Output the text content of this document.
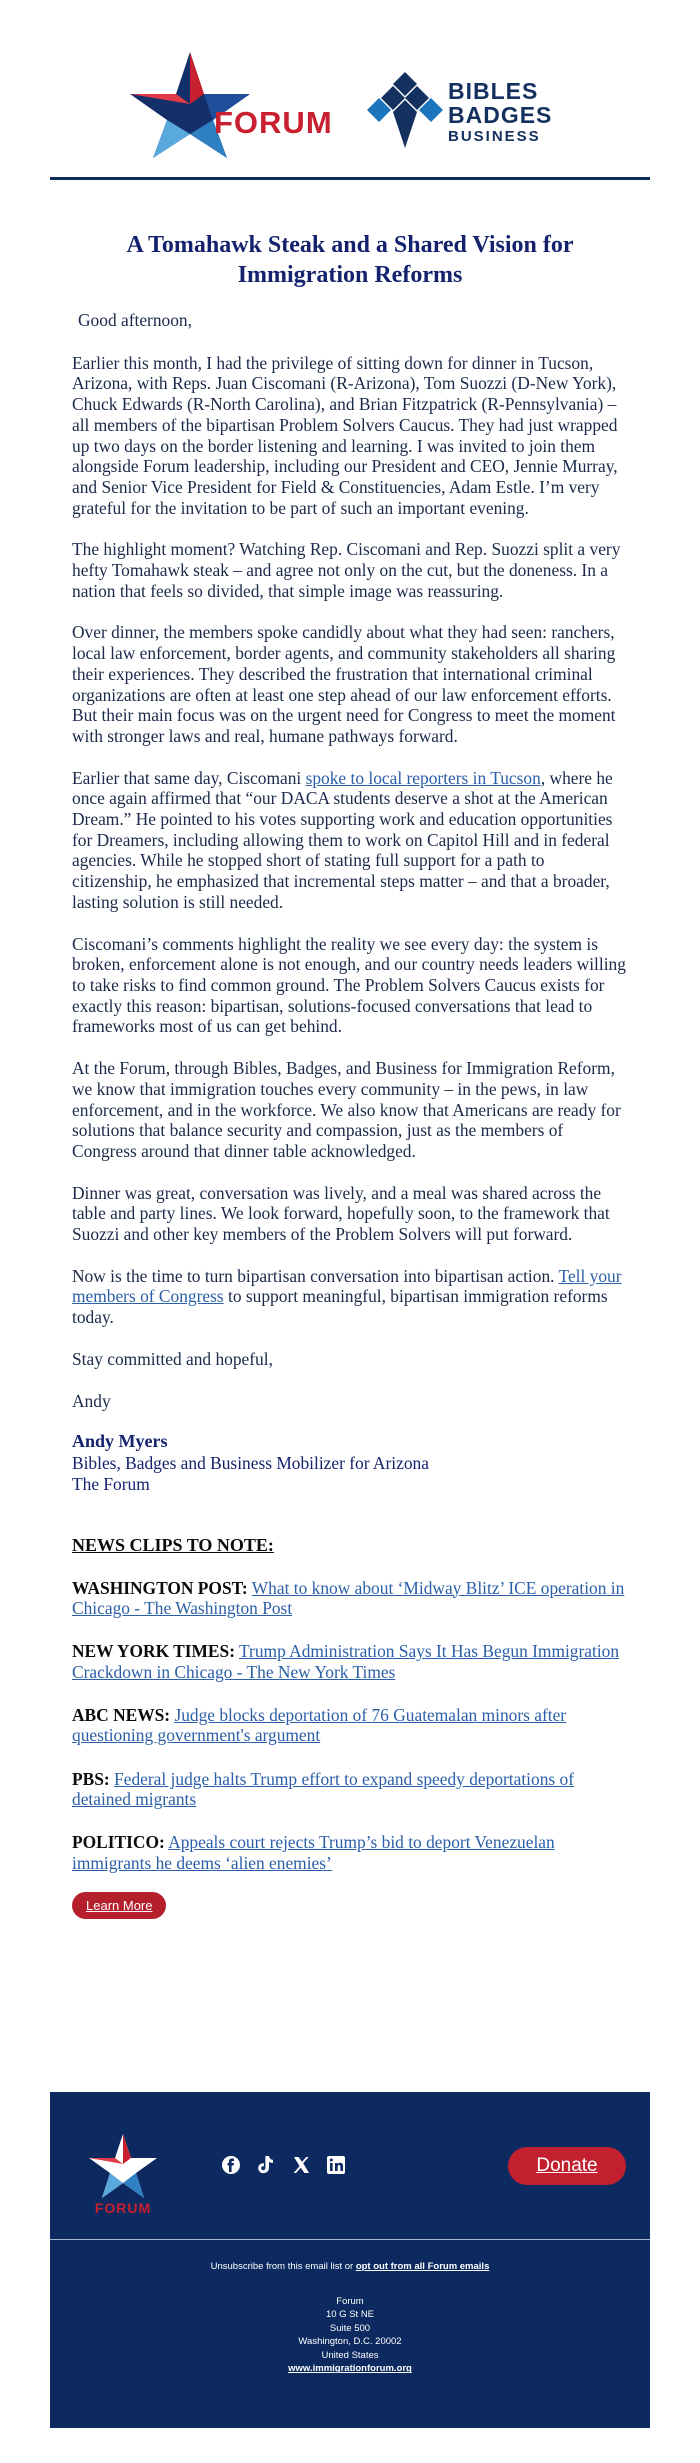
FORUM
BIBLES
BADGES
BUSINESS
A Tomahawk Steak and a Shared Vision for Immigration Reforms

Good afternoon,

Earlier this month, I had the privilege of sitting down for dinner in Tucson, Arizona, with Reps. Juan Ciscomani (R-Arizona), Tom Suozzi (D-New York), Chuck Edwards (R-North Carolina), and Brian Fitzpatrick (R-Pennsylvania) – all members of the bipartisan Problem Solvers Caucus. They had just wrapped up two days on the border listening and learning. I was invited to join them alongside Forum leadership, including our President and CEO, Jennie Murray, and Senior Vice President for Field & Constituencies, Adam Estle. I’m very grateful for the invitation to be part of such an important evening.

The highlight moment? Watching Rep. Ciscomani and Rep. Suozzi split a very hefty Tomahawk steak – and agree not only on the cut, but the doneness. In a nation that feels so divided, that simple image was reassuring.

Over dinner, the members spoke candidly about what they had seen: ranchers, local law enforcement, border agents, and community stakeholders all sharing their experiences. They described the frustration that international criminal organizations are often at least one step ahead of our law enforcement efforts. But their main focus was on the urgent need for Congress to meet the moment with stronger laws and real, humane pathways forward.

Earlier that same day, Ciscomani spoke to local reporters in Tucson, where he once again affirmed that “our DACA students deserve a shot at the American Dream.” He pointed to his votes supporting work and education opportunities for Dreamers, including allowing them to work on Capitol Hill and in federal agencies. While he stopped short of stating full support for a path to citizenship, he emphasized that incremental steps matter – and that a broader, lasting solution is still needed.

Ciscomani’s comments highlight the reality we see every day: the system is broken, enforcement alone is not enough, and our country needs leaders willing to take risks to find common ground. The Problem Solvers Caucus exists for exactly this reason: bipartisan, solutions-focused conversations that lead to frameworks most of us can get behind.

At the Forum, through Bibles, Badges, and Business for Immigration Reform, we know that immigration touches every community – in the pews, in law enforcement, and in the workforce. We also know that Americans are ready for solutions that balance security and compassion, just as the members of Congress around that dinner table acknowledged.

Dinner was great, conversation was lively, and a meal was shared across the table and party lines. We look forward, hopefully soon, to the framework that Suozzi and other key members of the Problem Solvers will put forward.

Now is the time to turn bipartisan conversation into bipartisan action. Tell your members of Congress to support meaningful, bipartisan immigration reforms today.

Stay committed and hopeful,

Andy

Andy Myers
Bibles, Badges and Business Mobilizer for Arizona
The Forum
NEWS CLIPS TO NOTE:
WASHINGTON POST: What to know about ‘Midway Blitz’ ICE operation in Chicago - The Washington Post
NEW YORK TIMES: Trump Administration Says It Has Begun Immigration Crackdown in Chicago - The New York Times
ABC NEWS: Judge blocks deportation of 76 Guatemalan minors after questioning government's argument
PBS: Federal judge halts Trump effort to expand speedy deportations of detained migrants
POLITICO: Appeals court rejects Trump’s bid to deport Venezuelan immigrants he deems ‘alien enemies’
Learn More
FORUM
Donate
Unsubscribe from this email list or opt out from all Forum emails
Forum
10 G St NE
Suite 500
Washington, D.C. 20002
United States
www.immigrationforum.org
